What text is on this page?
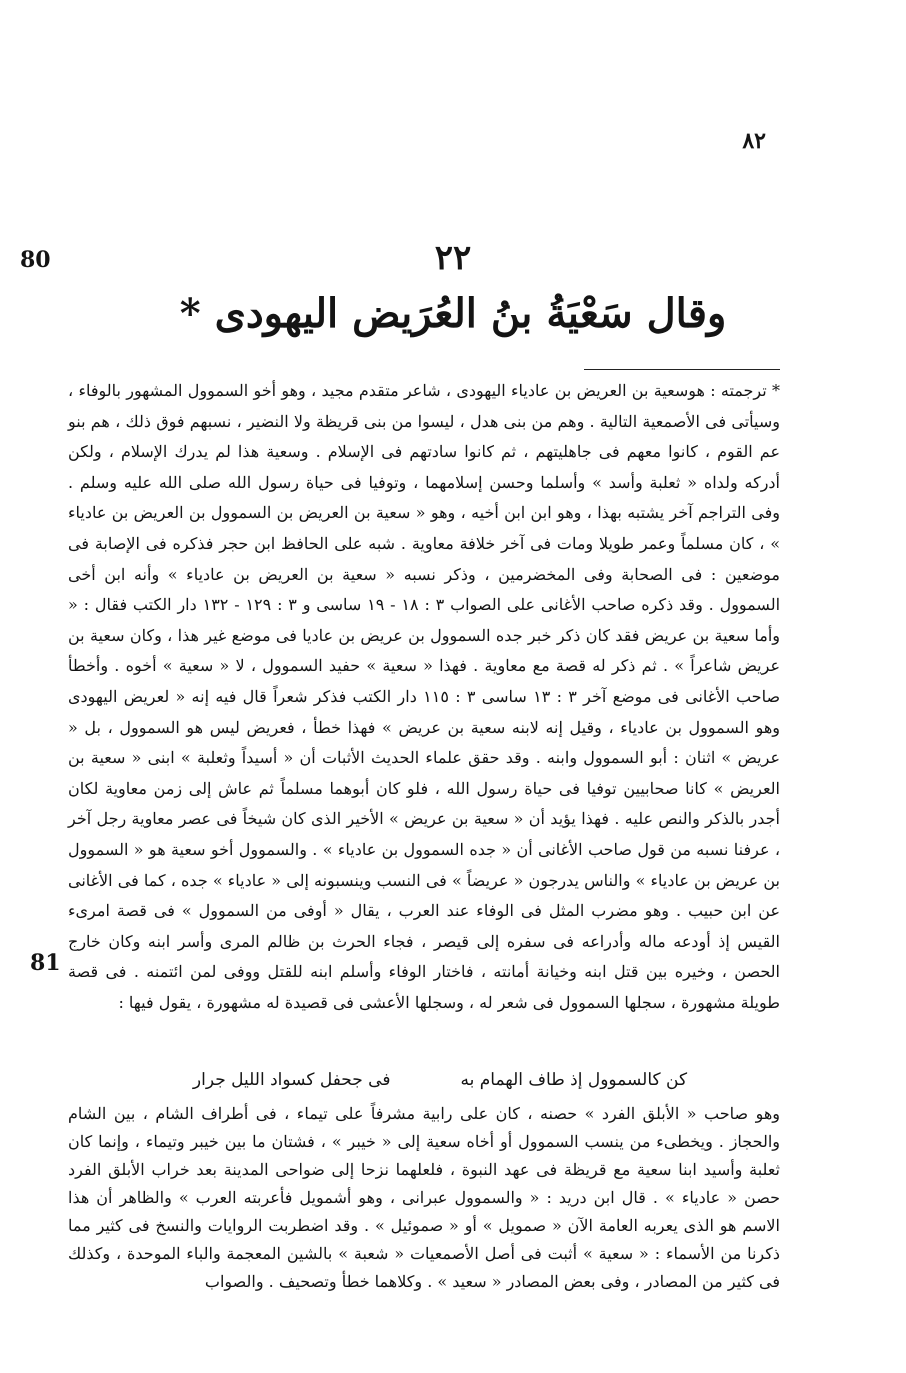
٨٢
80	٢٢
وقال سَعْيَةُ بنُ العُرَيض اليهودى *
* ترجمته : هوسعية بن العريض بن عادياء اليهودى ، شاعر متقدم مجيد ، وهو أخو السموول المشهور بالوفاء ، وسيأتى فى الأصمعية التالية . وهم من بنى هدل ، ليسوا من بنى قريظة ولا النضير ، نسبهم فوق ذلك ، هم بنو عم القوم ، كانوا معهم فى جاهليتهم ، ثم كانوا سادتهم فى الإسلام . وسعية هذا لم يدرك الإسلام ، ولكن أدركه ولداه « ثعلبة وأسد » وأسلما وحسن إسلامهما ، وتوفيا فى حياة رسول الله صلى الله عليه وسلم . وفى التراجم آخر يشتبه بهذا ، وهو ابن ابن أخيه ، وهو « سعية بن العريض بن السموول بن العريض بن عادياء » ، كان مسلماً وعمر طويلا ومات فى آخر خلافة معاوية . شبه على الحافظ ابن حجر فذكره فى الإصابة فى موضعين : فى الصحابة وفى المخضرمين ، وذكر نسبه « سعية بن العريض بن عادياء » وأنه ابن أخى السموول . وقد ذكره صاحب الأغانى على الصواب ٣ : ١٨ - ١٩ ساسى و ٣ : ١٢٩ - ١٣٢ دار الكتب فقال : « وأما سعية بن عريض فقد كان ذكر خبر جده السموول بن عريض بن عاديا فى موضع غير هذا ، وكان سعية بن عريض شاعراً » . ثم ذكر له قصة مع معاوية . فهذا « سعية » حفيد السموول ، لا « سعية » أخوه . وأخطأ صاحب الأغانى فى موضع آخر ٣ : ١٣ ساسى ٣ : ١١٥ دار الكتب فذكر شعراً قال فيه إنه « لعريض اليهودى وهو السموول بن عادياء ، وقيل إنه لابنه سعية بن عريض » فهذا خطأ ، فعريض ليس هو السموول ، بل « عريض » اثنان : أبو السموول وابنه . وقد حقق علماء الحديث الأثبات أن « أسيداً وثعلبة » ابنى « سعية بن العريض » كانا صحابيين توفيا فى حياة رسول الله ، فلو كان أبوهما مسلماً ثم عاش إلى زمن معاوية لكان أجدر بالذكر والنص عليه . فهذا يؤيد أن « سعية بن عريض » الأخير الذى كان شيخاً فى عصر معاوية رجل آخر ، عرفنا نسبه من قول صاحب الأغانى أن « جده السموول بن عادياء » . والسموول أخو سعية هو « السموول بن عريض بن عادياء » والناس يدرجون « عريضاً » فى النسب وينسبونه إلى « عادياء » جده ، كما فى الأغانى عن ابن حبيب . وهو مضرب المثل فى الوفاء عند العرب ، يقال « أوفى من السموول » فى قصة امرىء القيس إذ أودعه ماله وأدراعه فى سفره إلى قيصر ، فجاء الحرث بن ظالم المرى وأسر ابنه وكان خارج الحصن ، وخيره بين قتل ابنه وخيانة أمانته ، فاختار الوفاء وأسلم ابنه للقتل ووفى لمن ائتمنه . فى قصة طويلة مشهورة ، سجلها السموول فى شعر له ، وسجلها الأعشى فى قصيدة له مشهورة ، يقول فيها :
كن كالسموول إذ طاف الهمام به
فى جحفل كسواد الليل جرار
81
وهو صاحب « الأبلق الفرد » حصنه ، كان على رابية مشرفاً على تيماء ، فى أطراف الشام ، بين الشام والحجاز . ويخطىء من ينسب السموول أو أخاه سعية إلى « خيبر » ، فشتان ما بين خيبر وتيماء ، وإنما كان ثعلبة وأسيد ابنا سعية مع قريظة فى عهد النبوة ، فلعلهما نزحا إلى ضواحى المدينة بعد خراب الأبلق الفرد حصن « عادياء » . قال ابن دريد : « والسموول عبرانى ، وهو أشمويل فأعربته العرب » والظاهر أن هذا الاسم هو الذى يعربه العامة الآن « صمويل » أو « صموئيل » . وقد اضطربت الروايات والنسخ فى كثير مما ذكرنا من الأسماء : « سعية » أثبت فى أصل الأصمعيات « شعبة » بالشين المعجمة والباء الموحدة ، وكذلك فى كثير من المصادر ، وفى بعض المصادر « سعيد » . وكلاهما خطأ وتصحيف . والصواب
